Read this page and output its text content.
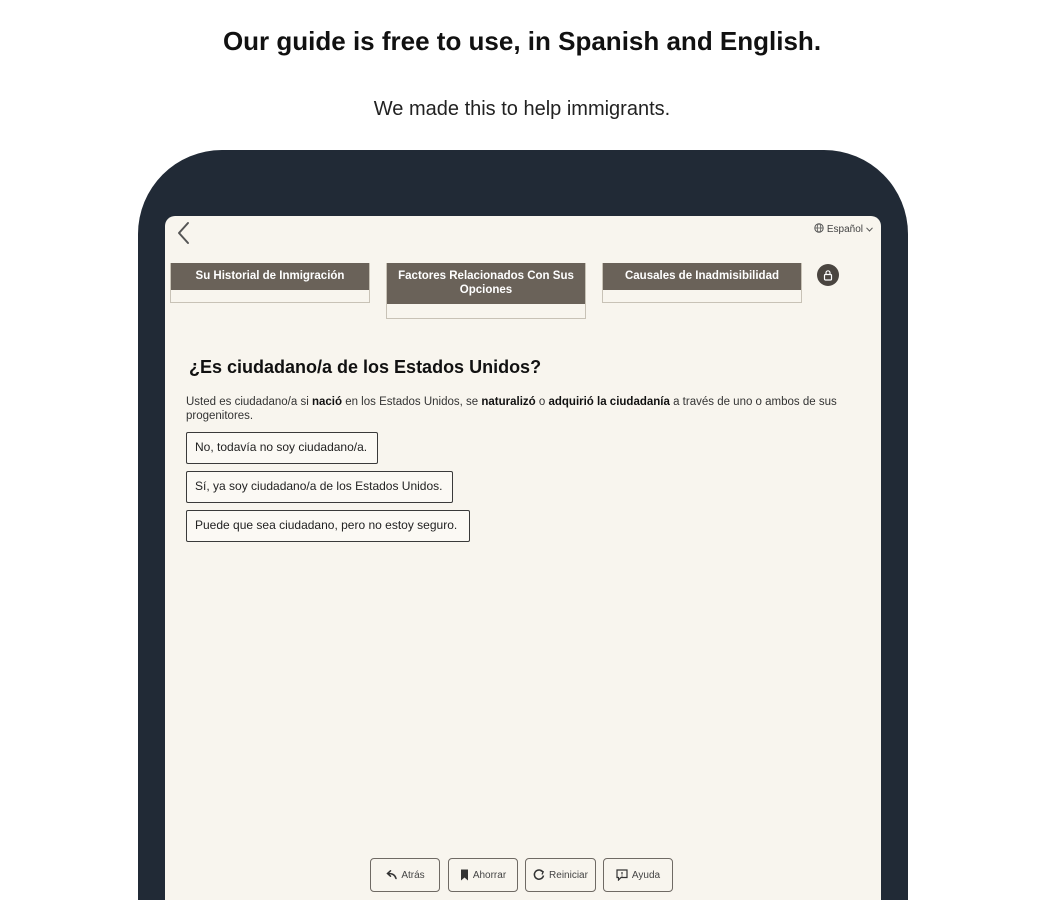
Our guide is free to use, in Spanish and English.
We made this to help immigrants.
Español
Su Historial de Inmigración	Factores Relacionados Con Sus Opciones
Causales de Inadmisibilidad
¿Es ciudadano/a de los Estados Unidos?
Usted es ciudadano/a si nació en los Estados Unidos, se naturalizó o adquirió la ciudadanía a través de uno o ambos de sus progenitores.
No, todavía no soy ciudadano/a.
Sí, ya soy ciudadano/a de los Estados Unidos.
Puede que sea ciudadano, pero no estoy seguro.
Atrás	Ahorrar	Reiniciar	Ayuda
